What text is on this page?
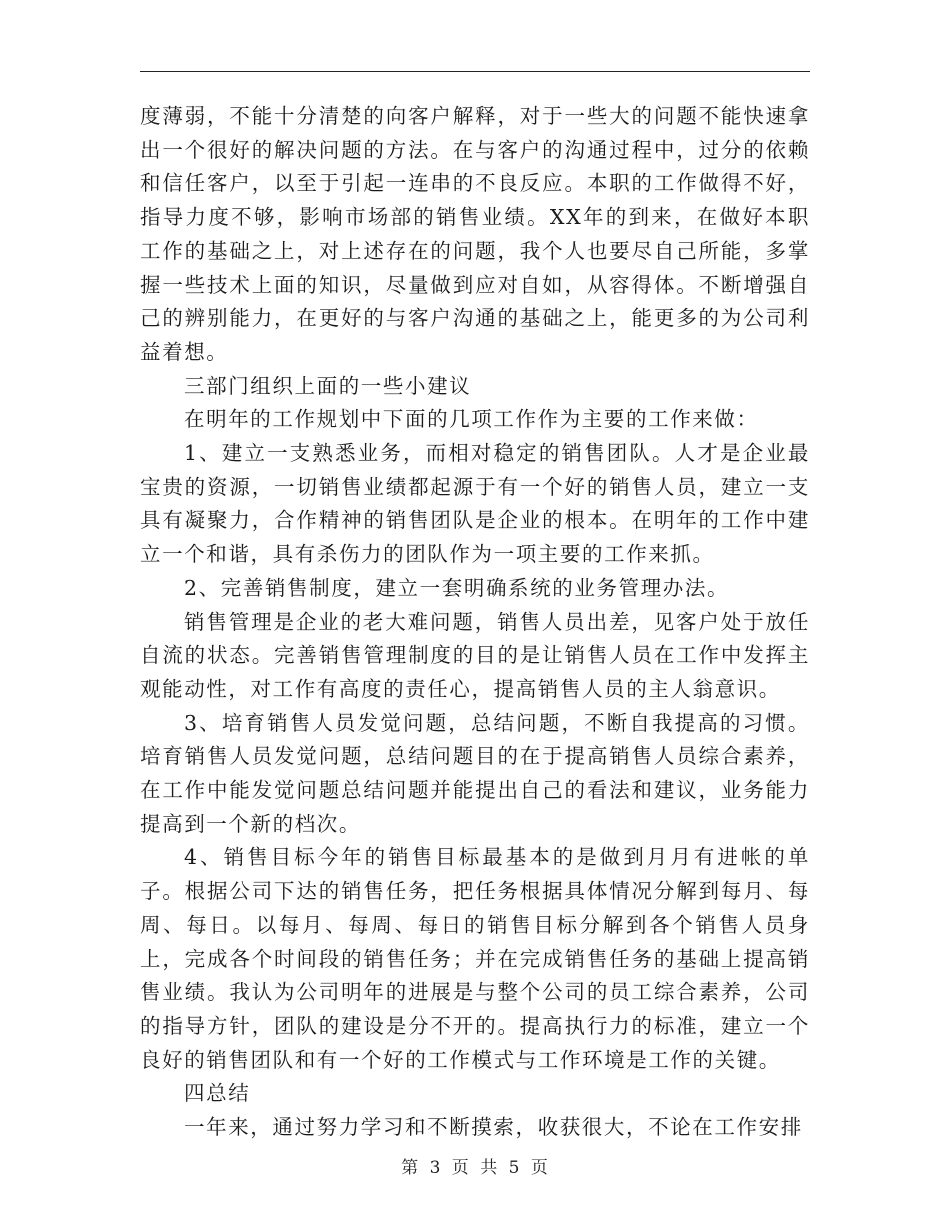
度薄弱，不能十分清楚的向客户解释，对于一些大的问题不能快速拿出一个很好的解决问题的方法。在与客户的沟通过程中，过分的依赖和信任客户，以至于引起一连串的不良反应。本职的工作做得不好，指导力度不够，影响市场部的销售业绩。XX年的到来，在做好本职工作的基础之上，对上述存在的问题，我个人也要尽自己所能，多掌握一些技术上面的知识，尽量做到应对自如，从容得体。不断增强自己的辨别能力，在更好的与客户沟通的基础之上，能更多的为公司利益着想。

三部门组织上面的一些小建议

在明年的工作规划中下面的几项工作作为主要的工作来做：

1、建立一支熟悉业务，而相对稳定的销售团队。人才是企业最宝贵的资源，一切销售业绩都起源于有一个好的销售人员，建立一支具有凝聚力，合作精神的销售团队是企业的根本。在明年的工作中建立一个和谐，具有杀伤力的团队作为一项主要的工作来抓。

2、完善销售制度，建立一套明确系统的业务管理办法。

销售管理是企业的老大难问题，销售人员出差，见客户处于放任自流的状态。完善销售管理制度的目的是让销售人员在工作中发挥主观能动性，对工作有高度的责任心，提高销售人员的主人翁意识。

3、培育销售人员发觉问题，总结问题，不断自我提高的习惯。培育销售人员发觉问题，总结问题目的在于提高销售人员综合素养，在工作中能发觉问题总结问题并能提出自己的看法和建议，业务能力提高到一个新的档次。

4、销售目标今年的销售目标最基本的是做到月月有进帐的单子。根据公司下达的销售任务，把任务根据具体情况分解到每月、每周、每日。以每月、每周、每日的销售目标分解到各个销售人员身上，完成各个时间段的销售任务；并在完成销售任务的基础上提高销售业绩。我认为公司明年的进展是与整个公司的员工综合素养，公司的指导方针，团队的建设是分不开的。提高执行力的标准，建立一个良好的销售团队和有一个好的工作模式与工作环境是工作的关键。

四总结

一年来，通过努力学习和不断摸索，收获很大，不论在工作安排

第 3 页 共 5 页
